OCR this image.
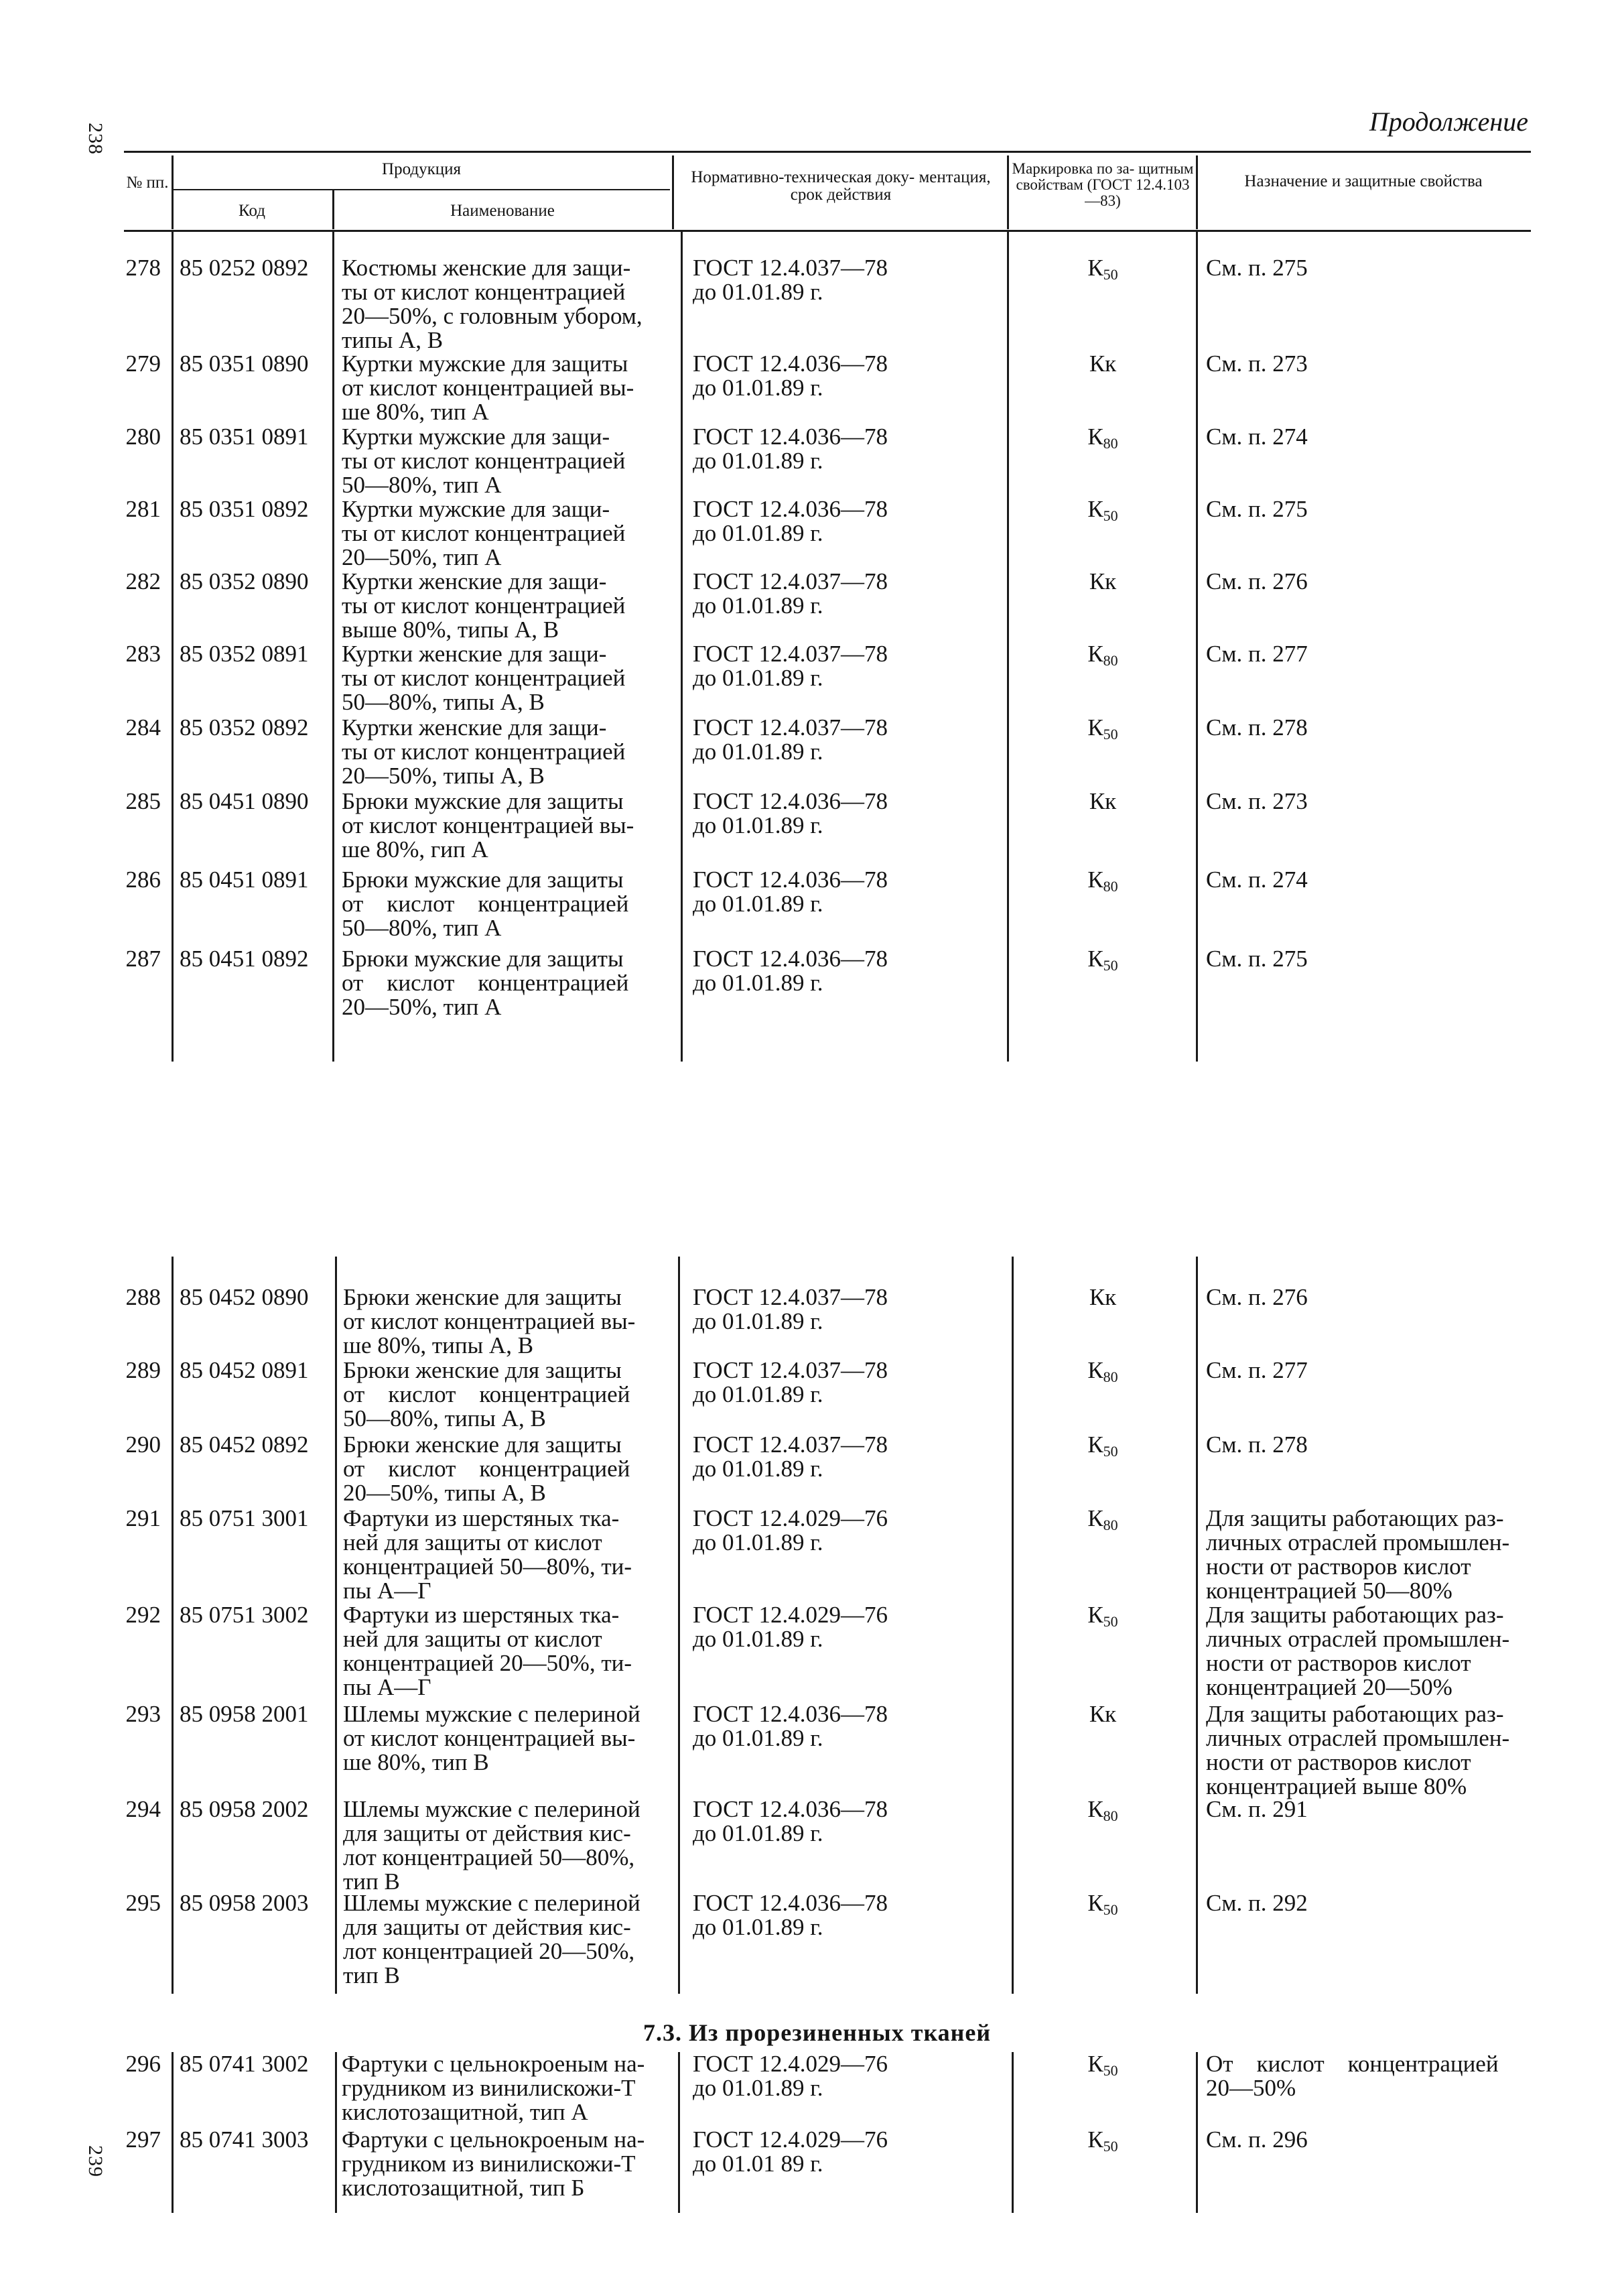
238
239
Продолжение
№ пп.
Продукция
Код	Наименование
Нормативно-техническая доку- ментация, срок действия
Маркировка по за- щитным свойствам (ГОСТ 12.4.103—83)
Назначение и защитные свойства
7.3. Из прорезиненных тканей
278 85 0252 0892 Костюмы женские для защи-
ты от кислот концентрацией
20—50%, с головным убором,
типы А, В
ГОСТ 12.4.037—78
до 01.01.89 г.
$К_{50}$	См. п. 275
279 85 0351 0890 Куртки мужские для защиты
от кислот концентрацией вы-
ше 80%, тип А
ГОСТ 12.4.036—78
до 01.01.89 г.
Кк	См. п. 273
280 85 0351 0891 Куртки мужские для защи-
ты от кислот концентрацией
50—80%, тип А
ГОСТ 12.4.036—78
до 01.01.89 г.
$К_{80}$	См. п. 274
281 85 0351 0892 Куртки мужские для защи-
ты от кислот концентрацией
20—50%, тип А
ГОСТ 12.4.036—78
до 01.01.89 г.
$К_{50}$	См. п. 275
282 85 0352 0890 Куртки женские для защи-
ты от кислот концентрацией
выше 80%, типы А, В
ГОСТ 12.4.037—78
до 01.01.89 г.
Кк	См. п. 276
283 85 0352 0891 Куртки женские для защи-
ты от кислот концентрацией
50—80%, типы А, В
ГОСТ 12.4.037—78
до 01.01.89 г.
$К_{80}$	См. п. 277
284 85 0352 0892 Куртки женские для защи-
ты от кислот концентрацией
20—50%, типы А, В
ГОСТ 12.4.037—78
до 01.01.89 г.
$К_{50}$	См. п. 278
285 85 0451 0890 Брюки мужские для защиты
от кислот концентрацией вы-
ше 80%, гип А
ГОСТ 12.4.036—78
до 01.01.89 г.
Кк	См. п. 273
286 85 0451 0891 Брюки мужские для защиты
от    кислот    концентрацией
50—80%, тип А
ГОСТ 12.4.036—78
до 01.01.89 г.
$К_{80}$	См. п. 274
287 85 0451 0892 Брюки мужские для защиты
от    кислот    концентрацией
20—50%, тип А
ГОСТ 12.4.036—78
до 01.01.89 г.
$К_{50}$	См. п. 275
288 85 0452 0890 Брюки женские для защиты
от кислот концентрацией вы-
ше 80%, типы А, В
ГОСТ 12.4.037—78
до 01.01.89 г.
Кк	См. п. 276
289 85 0452 0891 Брюки женские для защиты
от    кислот    концентрацией
50—80%, типы А, В
ГОСТ 12.4.037—78
до 01.01.89 г.
$К_{80}$	См. п. 277
290 85 0452 0892 Брюки женские для защиты
от    кислот    концентрацией
20—50%, типы А, В
ГОСТ 12.4.037—78
до 01.01.89 г.
$К_{50}$	См. п. 278
291 85 0751 3001 Фартуки из шерстяных тка-
ней для защиты от кислот
концентрацией 50—80%, ти-
пы А—Г
ГОСТ 12.4.029—76
до 01.01.89 г.
$К_{80}$	Для защиты работающих раз-
личных отраслей промышлен-
ности от растворов кислот
концентрацией 50—80%
292 85 0751 3002 Фартуки из шерстяных тка-
ней для защиты от кислот
концентрацией 20—50%, ти-
пы А—Г
ГОСТ 12.4.029—76
до 01.01.89 г.
$К_{50}$	Для защиты работающих раз-
личных отраслей промышлен-
ности от растворов кислот
концентрацией 20—50%
293 85 0958 2001 Шлемы мужские с пелериной
от кислот концентрацией вы-
ше 80%, тип В
ГОСТ 12.4.036—78
до 01.01.89 г.
Кк	Для защиты работающих раз-
личных отраслей промышлен-
ности от растворов кислот
концентрацией выше 80%
294 85 0958 2002 Шлемы мужские с пелериной
для защиты от действия кис-
лот концентрацией 50—80%,
тип В
ГОСТ 12.4.036—78
до 01.01.89 г.
$К_{80}$	См. п. 291
295 85 0958 2003 Шлемы мужские с пелериной
для защиты от действия кис-
лот концентрацией 20—50%,
тип В
ГОСТ 12.4.036—78
до 01.01.89 г.
$К_{50}$	См. п. 292
296 85 0741 3002 Фартуки с цельнокроеным на-
грудником из винилискожи-Т
кислотозащитной, тип А
ГОСТ 12.4.029—76
до 01.01.89 г.
$К_{50}$	От    кислот    концентрацией
20—50%
297 85 0741 3003 Фартуки с цельнокроеным на-
грудником из винилискожи-Т
кислотозащитной, тип Б
ГОСТ 12.4.029—76
до 01.01 89 г.
$К_{50}$	См. п. 296
